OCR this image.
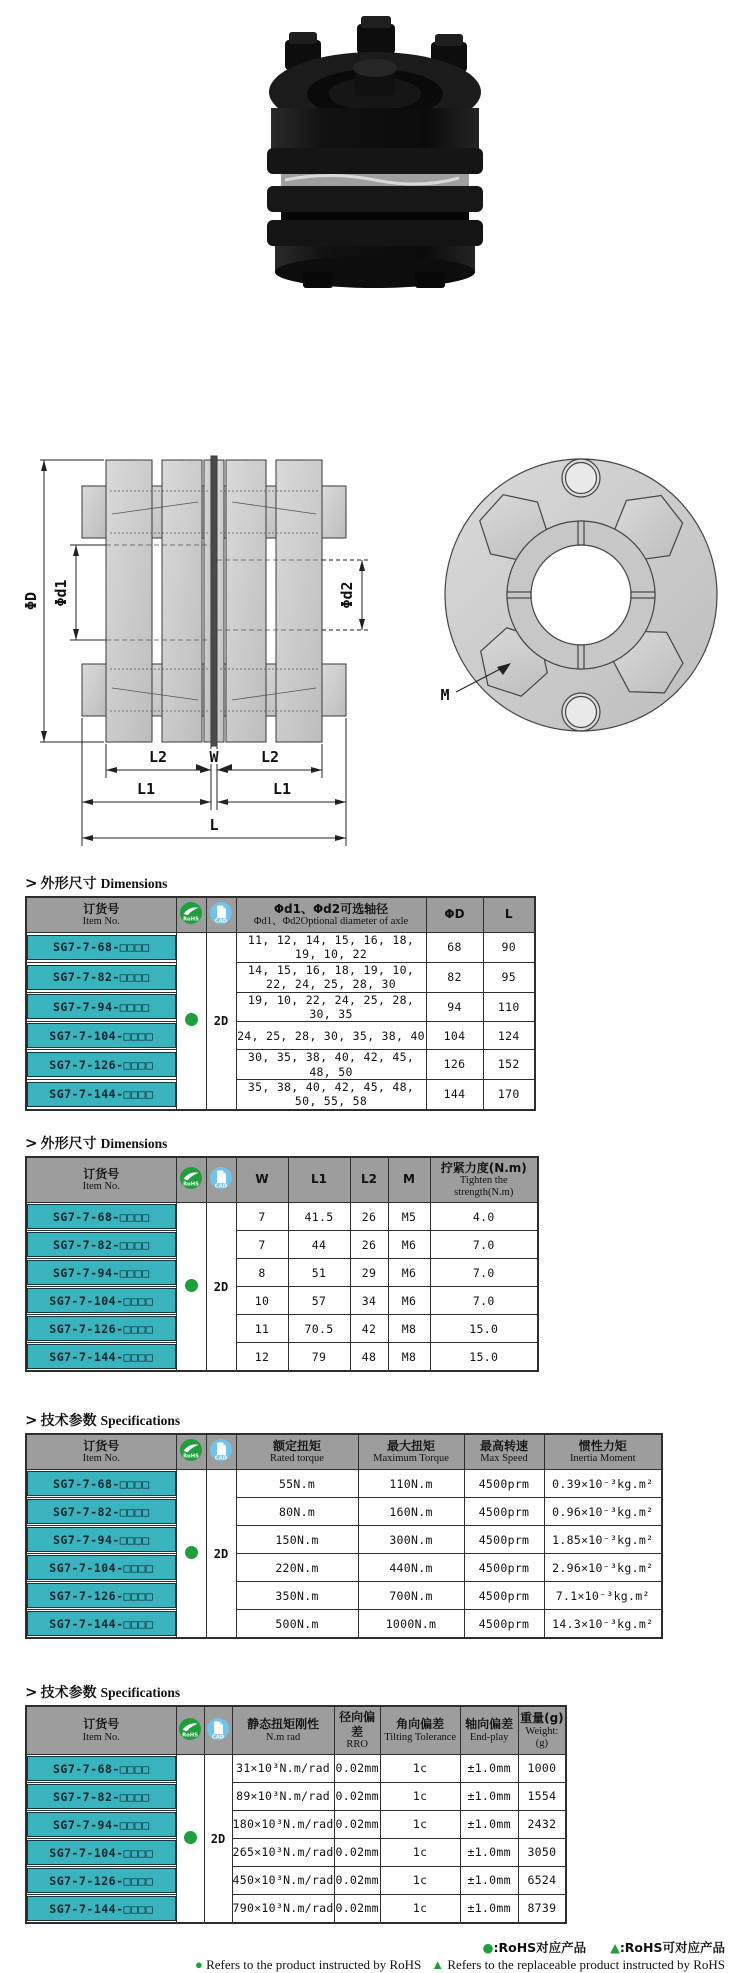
ΦD Φd1	Φd2
L2	W	L2
L1	L1
L
M
> 外形尺寸 Dimensions
订货号
Item No.	RoHS	CAD

Φd1、Φd2可选轴径
Φd1、Φd2Optional diameter of axle

ΦD	L

SG7-7-68-□□□□		2D	11, 12, 14, 15, 16, 18, 19, 10, 22	68	90

SG7-7-82-□□□□			14, 15, 16, 18, 19, 10, 22, 24, 25, 28, 30	82	95

SG7-7-94-□□□□			19, 10, 22, 24, 25, 28, 30, 35	94	110

SG7-7-104-□□□□			24, 25, 28, 30, 35, 38, 40	104	124

SG7-7-126-□□□□			30, 35, 38, 40, 42, 45, 48, 50	126	152

SG7-7-144-□□□□			35, 38, 40, 42, 45, 48, 50, 55, 58	144	170
> 外形尺寸 Dimensions
订货号
Item No.	RoHS	CAD

W	L1	L2	M

拧紧力度(N.m)
Tighten the strength(N.m)

SG7-7-68-□□□□		2D	7	41.5	26	M5	4.0

SG7-7-82-□□□□			7	44	26	M6	7.0

SG7-7-94-□□□□			8	51	29	M6	7.0

SG7-7-104-□□□□			10	57	34	M6	7.0

SG7-7-126-□□□□			11	70.5	42	M8	15.0

SG7-7-144-□□□□			12	79	48	M8	15.0
> 技术参数 Specifications
订货号
Item No.	RoHS	CAD

额定扭矩
Rated torque

最大扭矩
Maximum Torque

最高转速
Max Speed

惯性力矩
Inertia Moment

SG7-7-68-□□□□		2D	55N.m	110N.m	4500prm	0.39×10⁻³kg.m²

SG7-7-82-□□□□			80N.m	160N.m	4500prm	0.96×10⁻³kg.m²

SG7-7-94-□□□□			150N.m	300N.m	4500prm	1.85×10⁻³kg.m²

SG7-7-104-□□□□			220N.m	440N.m	4500prm	2.96×10⁻³kg.m²

SG7-7-126-□□□□			350N.m	700N.m	4500prm	7.1×10⁻³kg.m²

SG7-7-144-□□□□			500N.m	1000N.m	4500prm	14.3×10⁻³kg.m²
> 技术参数 Specifications
订货号
Item No.	RoHS	CAD

静态扭矩刚性
N.m rad

径向偏差
RRO

角向偏差
Tilting Tolerance

轴向偏差
End-play

重量(g)
Weight:(g)

SG7-7-68-□□□□		2D	31×10³N.m/rad	0.02mm	1c	±1.0mm	1000

SG7-7-82-□□□□			89×10³N.m/rad	0.02mm	1c	±1.0mm	1554

SG7-7-94-□□□□			180×10³N.m/rad	0.02mm	1c	±1.0mm	2432

SG7-7-104-□□□□			265×10³N.m/rad	0.02mm	1c	±1.0mm	3050

SG7-7-126-□□□□			450×10³N.m/rad	0.02mm	1c	±1.0mm	6524

SG7-7-144-□□□□			790×10³N.m/rad	0.02mm	1c	±1.0mm	8739
●:RoHS对应产品 ▲:RoHS可对应产品
● Refers to the product instructed by RoHS ▲ Refers to the replaceable product instructed by RoHS
